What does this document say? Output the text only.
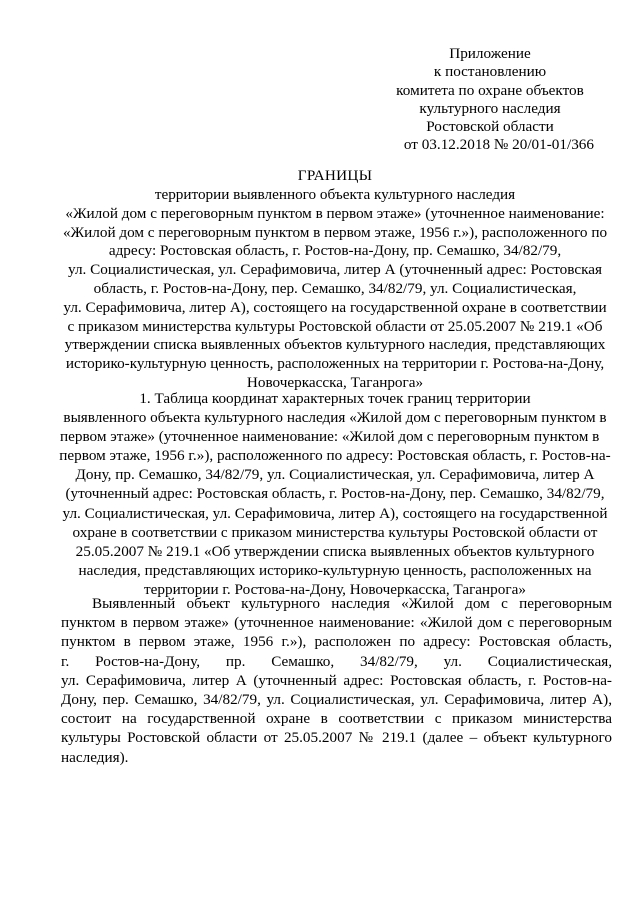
Приложение
к постановлению
комитета по охране объектов
культурного наследия
Ростовской области
от 03.12.2018 № 20/01-01/366
ГРАНИЦЫ
территории выявленного объекта культурного наследия
«Жилой дом с переговорным пунктом в первом этаже» (уточненное наименование:
«Жилой дом с переговорным пунктом в первом этаже, 1956 г.»), расположенного по
адресу: Ростовская область, г. Ростов-на-Дону, пр. Семашко, 34/82/79,
ул. Социалистическая, ул. Серафимовича, литер А (уточненный адрес: Ростовская
область, г. Ростов-на-Дону, пер. Семашко, 34/82/79, ул. Социалистическая,
ул. Серафимовича, литер А), состоящего на государственной охране в соответствии
с приказом министерства культуры Ростовской области от 25.05.2007 № 219.1 «Об
утверждении списка выявленных объектов культурного наследия, представляющих
историко-культурную ценность, расположенных на территории г. Ростова-на-Дону,
Новочеркасска, Таганрога»
1. Таблица координат характерных точек границ территории
выявленного объекта культурного наследия «Жилой дом с переговорным пунктом в
первом этаже» (уточненное наименование: «Жилой дом с переговорным пунктом в
первом этаже, 1956 г.»), расположенного по адресу: Ростовская область, г. Ростов-на-
Дону, пр. Семашко, 34/82/79, ул. Социалистическая, ул. Серафимовича, литер А
(уточненный адрес: Ростовская область, г. Ростов-на-Дону, пер. Семашко, 34/82/79,
ул. Социалистическая, ул. Серафимовича, литер А), состоящего на государственной
охране в соответствии с приказом министерства культуры Ростовской области от
25.05.2007 № 219.1 «Об утверждении списка выявленных объектов культурного
наследия, представляющих историко-культурную ценность, расположенных на
территории г. Ростова-на-Дону, Новочеркасска, Таганрога»
Выявленный объект культурного наследия «Жилой дом с переговорным
пунктом в первом этаже» (уточненное наименование: «Жилой дом с переговорным
пунктом в первом этаже, 1956 г.»), расположен по адресу: Ростовская область,
г. Ростов-на-Дону, пр. Семашко, 34/82/79, ул. Социалистическая,
ул. Серафимовича, литер А (уточненный адрес: Ростовская область, г. Ростов-на-
Дону, пер. Семашко, 34/82/79, ул. Социалистическая, ул. Серафимовича, литер А),
состоит на государственной охране в соответствии с приказом министерства
культуры Ростовской области от 25.05.2007 № 219.1 (далее – объект культурного
наследия).
